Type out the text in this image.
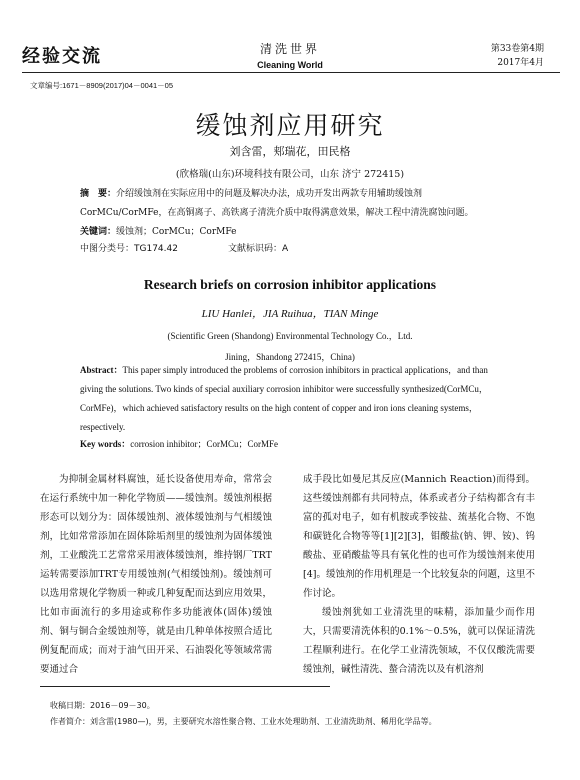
经验交流	清洗世界
Cleaning World
第33卷第4期
2017年4月
文章编号:1671－8909(2017)04－0041－05
缓蚀剂应用研究
刘含雷，郏瑞花，田民格
(欣格瑞(山东)环境科技有限公司，山东 济宁 272415)
摘　要：介绍缓蚀剂在实际应用中的问题及解决办法，成功开发出两款专用辅助缓蚀剂CorMCu/CorMFe，在高铜离子、高铁离子清洗介质中取得满意效果，解决工程中清洗腐蚀问题。
关键词：缓蚀剂；CorMCu；CorMFe
中图分类号：TG174.42	文献标识码：A
Research briefs on corrosion inhibitor applications
LIU Hanlei，JIA Ruihua，TIAN Minge
(Scientific Green (Shandong) Environmental Technology Co.，Ltd.
Jining，Shandong 272415，China)
Abstract：This paper simply introduced the problems of corrosion inhibitors in practical applications，and than giving the solutions. Two kinds of special auxiliary corrosion inhibitor were successfully synthesized(CorMCu，CorMFe)，which achieved satisfactory results on the high content of copper and iron ions cleaning systems，respectively.
Key words：corrosion inhibitor；CorMCu；CorMFe
为抑制金属材料腐蚀，延长设备使用寿命，常常会在运行系统中加一种化学物质——缓蚀剂。缓蚀剂根据形态可以划分为：固体缓蚀剂、液体缓蚀剂与气相缓蚀剂，比如常常添加在固体除垢剂里的缓蚀剂为固体缓蚀剂，工业酸洗工艺常常采用液体缓蚀剂，维持钢厂TRT运转需要添加TRT专用缓蚀剂(气相缓蚀剂)。缓蚀剂可以选用常规化学物质一种或几种复配而达到应用效果，比如市面流行的多用途或称作多功能液体(固体)缓蚀剂、铜与铜合金缓蚀剂等，就是由几种单体按照合适比例复配而成；而对于油气田开采、石油裂化等领域常需要通过合
成手段比如曼尼其反应(Mannich Reaction)而得到。这些缓蚀剂都有共同特点，体系或者分子结构都含有丰富的孤对电子，如有机胺或季铵盐、巯基化合物、不饱和碳链化合物等等[1][2][3]，钼酸盐(钠、钾、铵)、钨酸盐、亚硝酸盐等具有氧化性的也可作为缓蚀剂来使用[4]。缓蚀剂的作用机理是一个比较复杂的问题，这里不作讨论。
缓蚀剂犹如工业清洗里的味精，添加量少而作用大，只需要清洗体积的0.1%～0.5%，就可以保证清洗工程顺利进行。在化学工业清洗领域，不仅仅酸洗需要缓蚀剂，碱性清洗、螯合清洗以及有机溶剂
收稿日期：2016－09－30。
作者简介：刘含雷(1980—)，男，主要研究水溶性聚合物、工业水处理助剂、工业清洗助剂、稀用化学品等。
